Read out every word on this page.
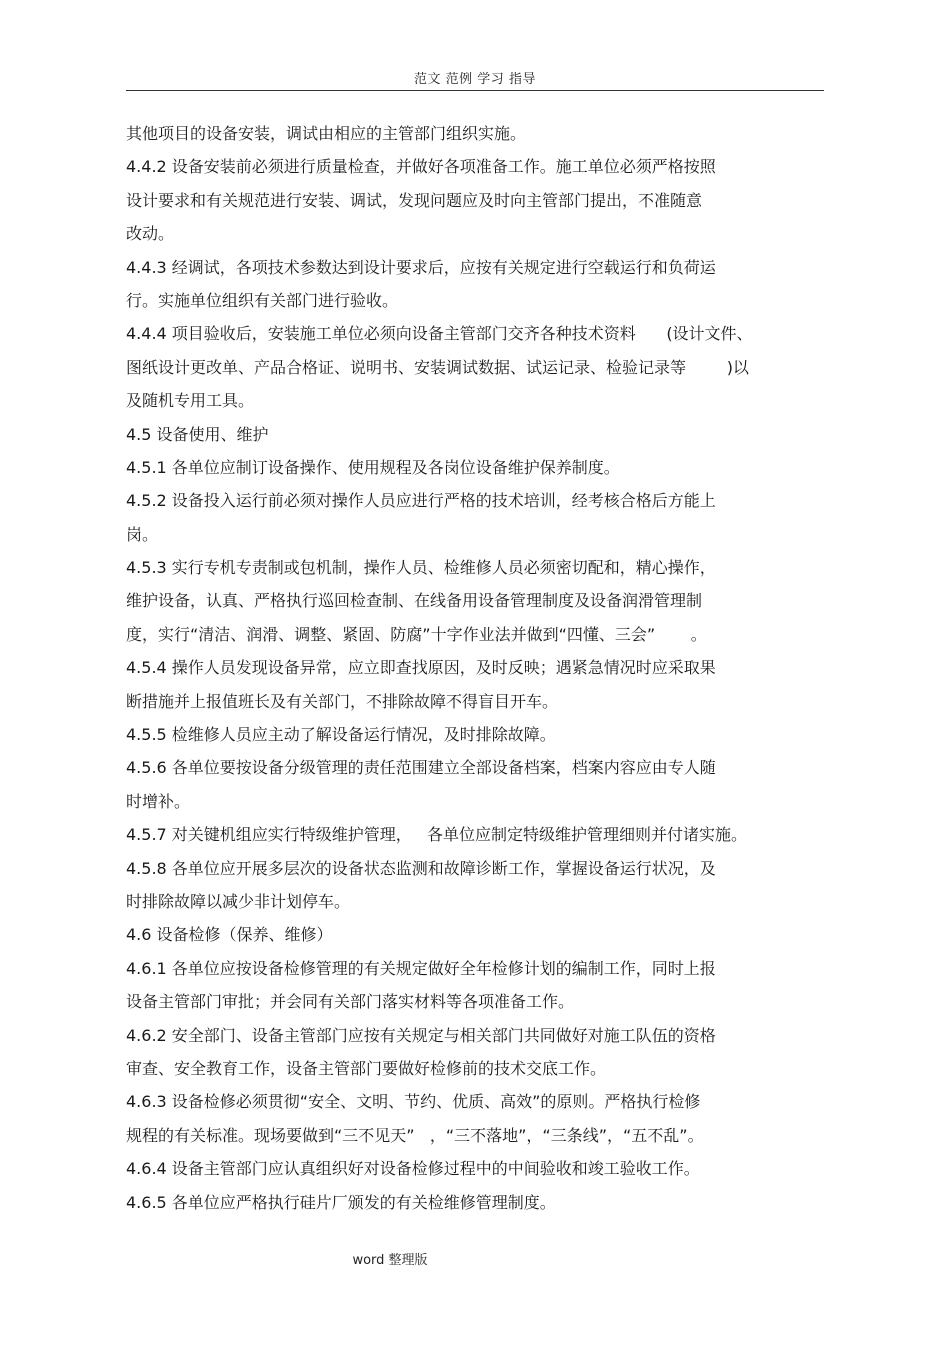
范文 范例 学习 指导
其他项目的设备安装，调试由相应的主管部门组织实施。
4.4.2 设备安装前必须进行质量检查，并做好各项准备工作。施工单位必须严格按照
设计要求和有关规范进行安装、调试，发现问题应及时向主管部门提出，不准随意
改动。
4.4.3 经调试，各项技术参数达到设计要求后，应按有关规定进行空载运行和负荷运
行。实施单位组织有关部门进行验收。
4.4.4 项目验收后，安装施工单位必须向设备主管部门交齐各种技术资料      (设计文件、
图纸设计更改单、产品合格证、说明书、安装调试数据、试运记录、检验记录等        )以
及随机专用工具。
4.5 设备使用、维护
4.5.1 各单位应制订设备操作、使用规程及各岗位设备维护保养制度。
4.5.2 设备投入运行前必须对操作人员应进行严格的技术培训，经考核合格后方能上
岗。
4.5.3 实行专机专责制或包机制，操作人员、检维修人员必须密切配和，精心操作，
维护设备，认真、严格执行巡回检查制、在线备用设备管理制度及设备润滑管理制
度，实行“清洁、润滑、调整、紧固、防腐”十字作业法并做到“四懂、三会”       。
4.5.4 操作人员发现设备异常，应立即查找原因，及时反映；遇紧急情况时应采取果
断措施并上报值班长及有关部门，不排除故障不得盲目开车。
4.5.5 检维修人员应主动了解设备运行情况，及时排除故障。
4.5.6 各单位要按设备分级管理的责任范围建立全部设备档案，档案内容应由专人随
时增补。
4.5.7 对关键机组应实行特级维护管理，   各单位应制定特级维护管理细则并付诸实施。
4.5.8 各单位应开展多层次的设备状态监测和故障诊断工作，掌握设备运行状况，及
时排除故障以减少非计划停车。
4.6 设备检修（保养、维修）
4.6.1 各单位应按设备检修管理的有关规定做好全年检修计划的编制工作，同时上报
设备主管部门审批；并会同有关部门落实材料等各项准备工作。
4.6.2 安全部门、设备主管部门应按有关规定与相关部门共同做好对施工队伍的资格
审查、安全教育工作，设备主管部门要做好检修前的技术交底工作。
4.6.3 设备检修必须贯彻“安全、文明、节约、优质、高效”的原则。严格执行检修
规程的有关标准。现场要做到“三不见天”   ，“三不落地”，“三条线”，“五不乱”。
4.6.4 设备主管部门应认真组织好对设备检修过程中的中间验收和竣工验收工作。
4.6.5 各单位应严格执行硅片厂颁发的有关检维修管理制度。
word 整理版
